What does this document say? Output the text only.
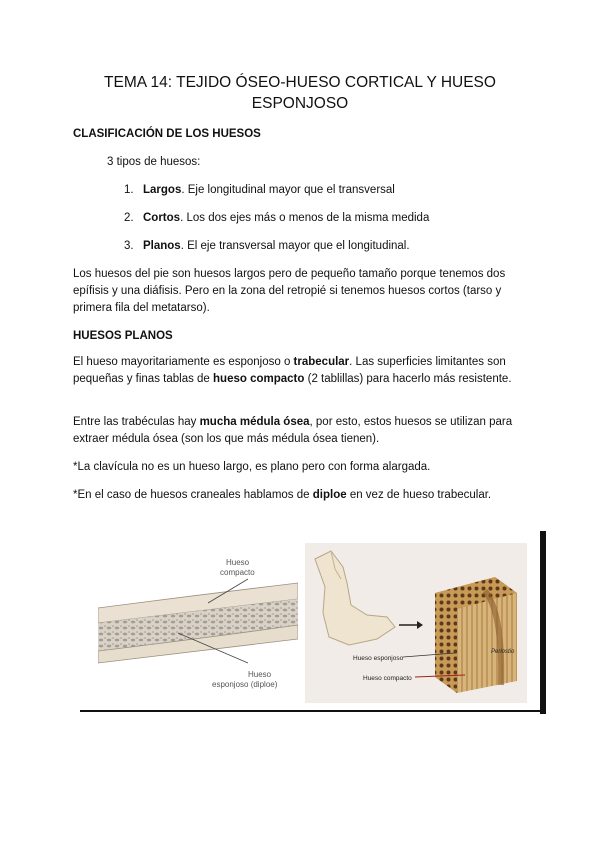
TEMA 14: TEJIDO ÓSEO-HUESO CORTICAL Y HUESO ESPONJOSO
CLASIFICACIÓN DE LOS HUESOS

3 tipos de huesos:

1. Largos. Eje longitudinal mayor que el transversal
2. Cortos. Los dos ejes más o menos de la misma medida
3. Planos. El eje transversal mayor que el longitudinal.

Los huesos del pie son huesos largos pero de pequeño tamaño porque tenemos dos epífisis y una diáfisis. Pero en la zona del retropié si tenemos huesos cortos (tarso y primera fila del metatarso).

HUESOS PLANOS

El hueso mayoritariamente es esponjoso o trabecular. Las superficies limitantes son pequeñas y finas tablas de hueso compacto (2 tablillas) para hacerlo más resistente.

Entre las trabéculas hay mucha médula ósea, por esto, estos huesos se utilizan para extraer médula ósea (son los que más médula ósea tienen).

*La clavícula no es un hueso largo, es plano pero con forma alargada.

*En el caso de huesos craneales hablamos de diploe en vez de hueso trabecular.

Hueso
compacto
Hueso
esponjoso (diploe)
Hueso esponjoso
Hueso compacto
Periostio
